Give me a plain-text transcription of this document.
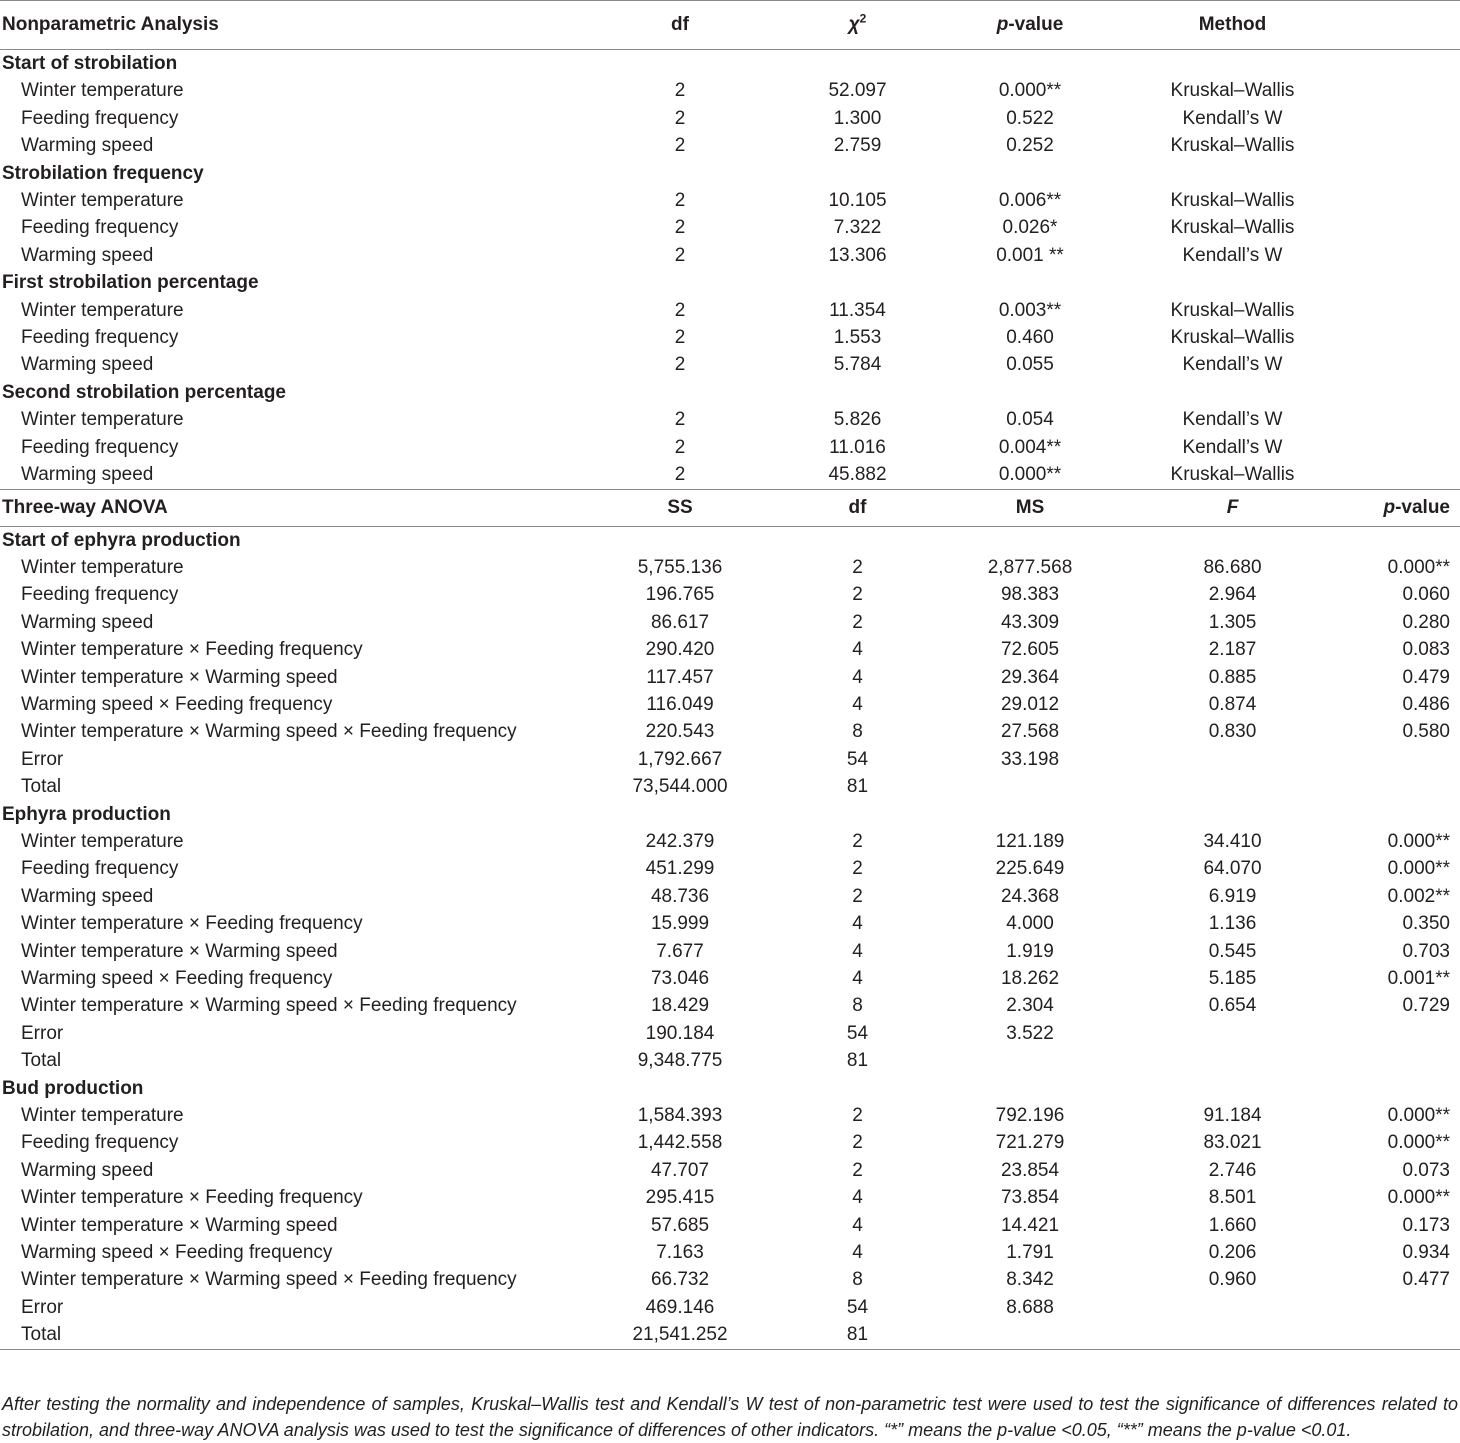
Nonparametric Analysis	df	$\chi^2$	p-value	Method	
Start of strobilation					
Winter temperature	2	52.097	0.000**	Kruskal–Wallis	
Feeding frequency	2	1.300	0.522	Kendall’s W	
Warming speed	2	2.759	0.252	Kruskal–Wallis	
Strobilation frequency					
Winter temperature	2	10.105	0.006**	Kruskal–Wallis	
Feeding frequency	2	7.322	0.026*	Kruskal–Wallis	
Warming speed	2	13.306	0.001 **	Kendall’s W	
First strobilation percentage					
Winter temperature	2	11.354	0.003**	Kruskal–Wallis	
Feeding frequency	2	1.553	0.460	Kruskal–Wallis	
Warming speed	2	5.784	0.055	Kendall’s W	
Second strobilation percentage					
Winter temperature	2	5.826	0.054	Kendall’s W	
Feeding frequency	2	11.016	0.004**	Kendall’s W	
Warming speed	2	45.882	0.000**	Kruskal–Wallis	
Three-way ANOVA	SS	df	MS	F	p-value
Start of ephyra production					
Winter temperature	5,755.136	2	2,877.568	86.680	0.000**
Feeding frequency	196.765	2	98.383	2.964	0.060
Warming speed	86.617	2	43.309	1.305	0.280
Winter temperature × Feeding frequency	290.420	4	72.605	2.187	0.083
Winter temperature × Warming speed	117.457	4	29.364	0.885	0.479
Warming speed × Feeding frequency	116.049	4	29.012	0.874	0.486
Winter temperature × Warming speed × Feeding frequency	220.543	8	27.568	0.830	0.580
Error	1,792.667	54	33.198		
Total	73,544.000	81			
Ephyra production					
Winter temperature	242.379	2	121.189	34.410	0.000**
Feeding frequency	451.299	2	225.649	64.070	0.000**
Warming speed	48.736	2	24.368	6.919	0.002**
Winter temperature × Feeding frequency	15.999	4	4.000	1.136	0.350
Winter temperature × Warming speed	7.677	4	1.919	0.545	0.703
Warming speed × Feeding frequency	73.046	4	18.262	5.185	0.001**
Winter temperature × Warming speed × Feeding frequency	18.429	8	2.304	0.654	0.729
Error	190.184	54	3.522		
Total	9,348.775	81			
Bud production					
Winter temperature	1,584.393	2	792.196	91.184	0.000**
Feeding frequency	1,442.558	2	721.279	83.021	0.000**
Warming speed	47.707	2	23.854	2.746	0.073
Winter temperature × Feeding frequency	295.415	4	73.854	8.501	0.000**
Winter temperature × Warming speed	57.685	4	14.421	1.660	0.173
Warming speed × Feeding frequency	7.163	4	1.791	0.206	0.934
Winter temperature × Warming speed × Feeding frequency	66.732	8	8.342	0.960	0.477
Error	469.146	54	8.688		
Total	21,541.252	81			
After testing the normality and independence of samples, Kruskal–Wallis test and Kendall’s W test of non-parametric test were used to test the significance of differences related to strobilation, and three-way ANOVA analysis was used to test the significance of differences of other indicators. “*” means the p-value <0.05, “**” means the p-value <0.01.
